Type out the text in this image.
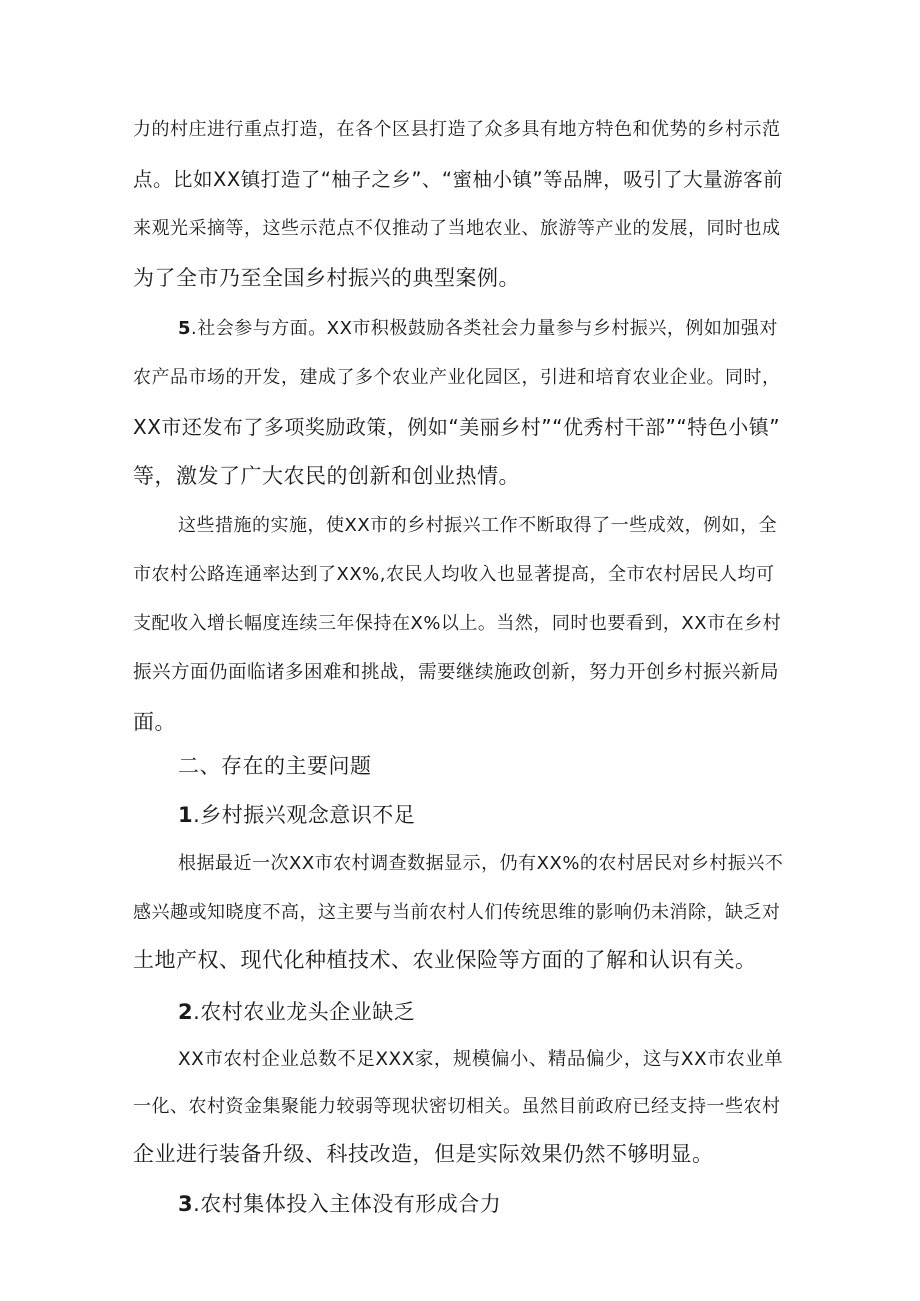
力的村庄进行重点打造，在各个区县打造了众多具有地方特色和优势的乡村示范
点。比如XX镇打造了“柚子之乡”、“蜜柚小镇”等品牌，吸引了大量游客前
来观光采摘等，这些示范点不仅推动了当地农业、旅游等产业的发展，同时也成
为了全市乃至全国乡村振兴的典型案例。
5.社会参与方面。XX市积极鼓励各类社会力量参与乡村振兴，例如加强对
农产品市场的开发，建成了多个农业产业化园区，引进和培育农业企业。同时，
XX市还发布了多项奖励政策，例如“美丽乡村”“优秀村干部”“特色小镇”
等，激发了广大农民的创新和创业热情。
这些措施的实施，使XX市的乡村振兴工作不断取得了一些成效，例如，全
市农村公路连通率达到了XX%,农民人均收入也显著提高，全市农村居民人均可
支配收入增长幅度连续三年保持在X%以上。当然，同时也要看到，XX市在乡村
振兴方面仍面临诸多困难和挑战，需要继续施政创新，努力开创乡村振兴新局
面。
二、存在的主要问题
1.乡村振兴观念意识不足
根据最近一次XX市农村调查数据显示，仍有XX%的农村居民对乡村振兴不
感兴趣或知晓度不高，这主要与当前农村人们传统思维的影响仍未消除，缺乏对
土地产权、现代化种植技术、农业保险等方面的了解和认识有关。
2.农村农业龙头企业缺乏
XX市农村企业总数不足XXX家，规模偏小、精品偏少，这与XX市农业单
一化、农村资金集聚能力较弱等现状密切相关。虽然目前政府已经支持一些农村
企业进行装备升级、科技改造，但是实际效果仍然不够明显。
3.农村集体投入主体没有形成合力
